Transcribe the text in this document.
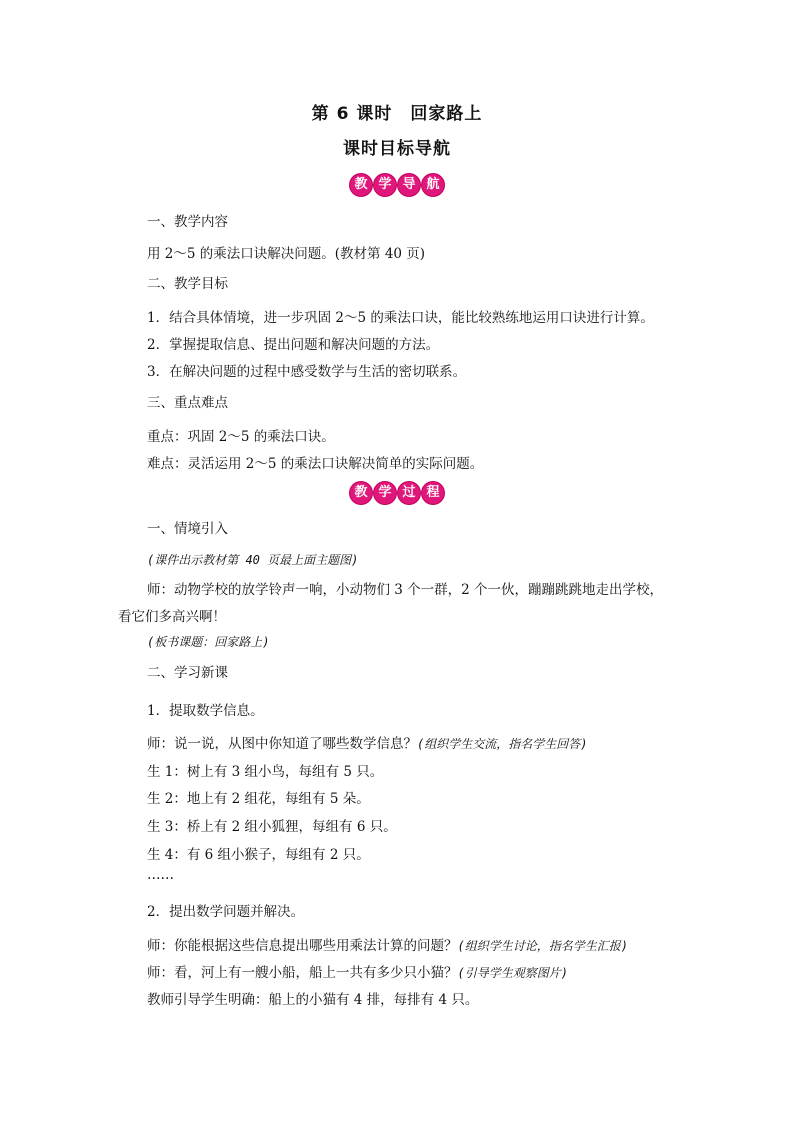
第 6 课时　回家路上
课时目标导航
教 学 导 航
一、教学内容
用 2～5 的乘法口诀解决问题。(教材第 40 页)
二、教学目标
1．结合具体情境，进一步巩固 2～5 的乘法口诀，能比较熟练地运用口诀进行计算。
2．掌握提取信息、提出问题和解决问题的方法。
3．在解决问题的过程中感受数学与生活的密切联系。
三、重点难点
重点：巩固 2～5 的乘法口诀。
难点：灵活运用 2～5 的乘法口诀解决简单的实际问题。
教 学 过 程
一、情境引入
(课件出示教材第 40 页最上面主题图)
师：动物学校的放学铃声一响，小动物们 3 个一群，2 个一伙，蹦蹦跳跳地走出学校，
看它们多高兴啊！
(板书课题：回家路上)
二、学习新课
1．提取数学信息。
师：说一说，从图中你知道了哪些数学信息？(组织学生交流，指名学生回答)
生 1：树上有 3 组小鸟，每组有 5 只。
生 2：地上有 2 组花，每组有 5 朵。
生 3：桥上有 2 组小狐狸，每组有 6 只。
生 4：有 6 组小猴子，每组有 2 只。
……
2．提出数学问题并解决。
师：你能根据这些信息提出哪些用乘法计算的问题？(组织学生讨论，指名学生汇报)
师：看，河上有一艘小船，船上一共有多少只小猫？(引导学生观察图片)
教师引导学生明确：船上的小猫有 4 排，每排有 4 只。
